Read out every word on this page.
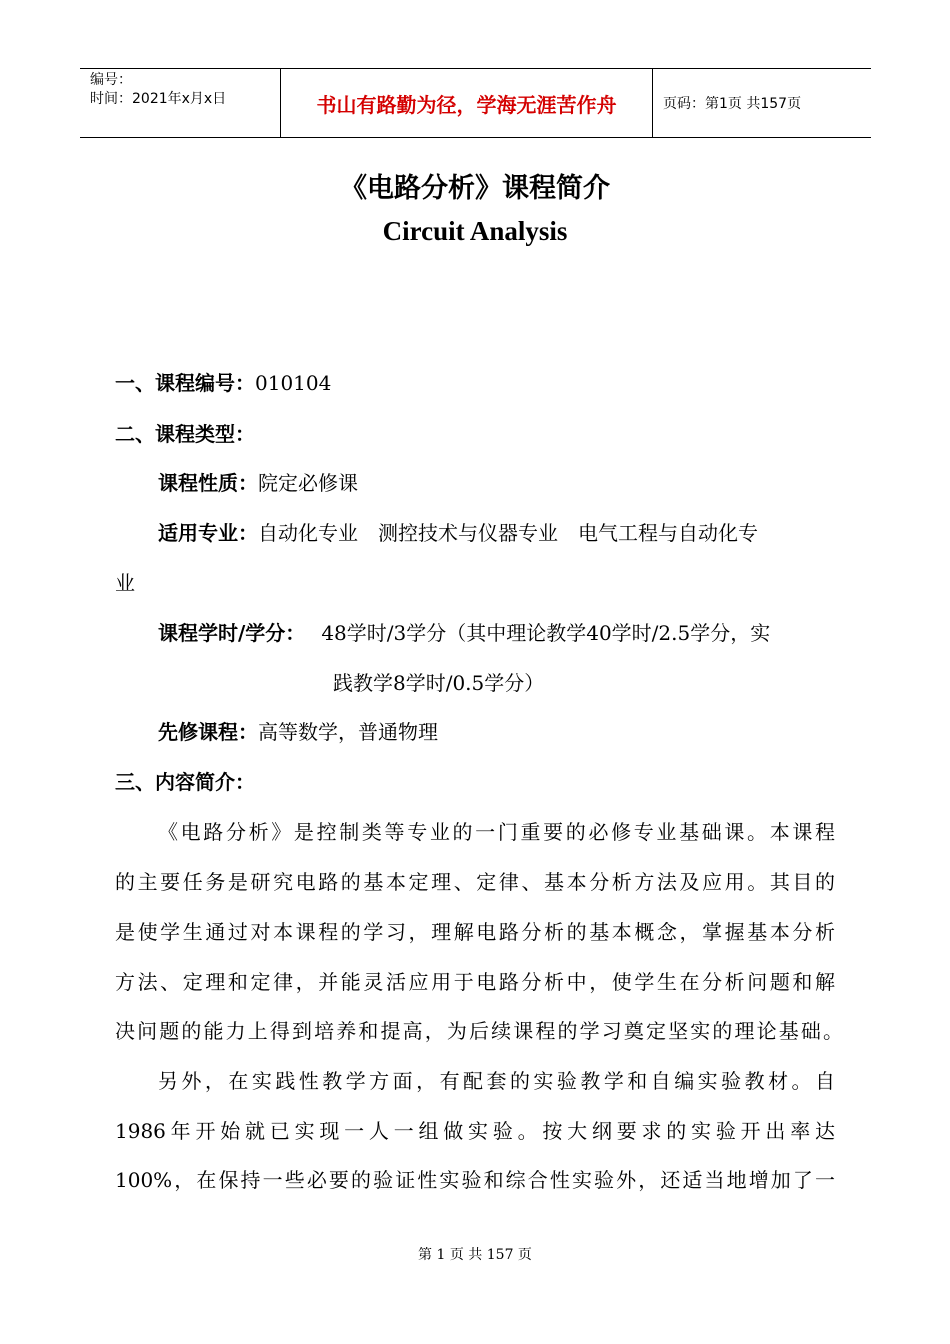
编号：
时间：2021年x月x日	书山有路勤为径，学海无涯苦作舟	页码：第1页 共157页
《电路分析》课程简介
Circuit Analysis
一、课程编号：010104
二、课程类型：
课程性质：院定必修课
适用专业：自动化专业　测控技术与仪器专业　电气工程与自动化专
业
课程学时/学分： 48学时/3学分（其中理论教学40学时/2.5学分，实
践教学8学时/0.5学分）
先修课程：高等数学，普通物理
三、内容简介：
《电路分析》是控制类等专业的一门重要的必修专业基础课。本课程
的主要任务是研究电路的基本定理、定律、基本分析方法及应用。其目的
是使学生通过对本课程的学习，理解电路分析的基本概念，掌握基本分析
方法、定理和定律，并能灵活应用于电路分析中，使学生在分析问题和解
决问题的能力上得到培养和提高，为后续课程的学习奠定坚实的理论基础。
另外，在实践性教学方面，有配套的实验教学和自编实验教材。自
1986年开始就已实现一人一组做实验。按大纲要求的实验开出率达
100%，在保持一些必要的验证性实验和综合性实验外，还适当地增加了一
第 1 页 共 157 页
